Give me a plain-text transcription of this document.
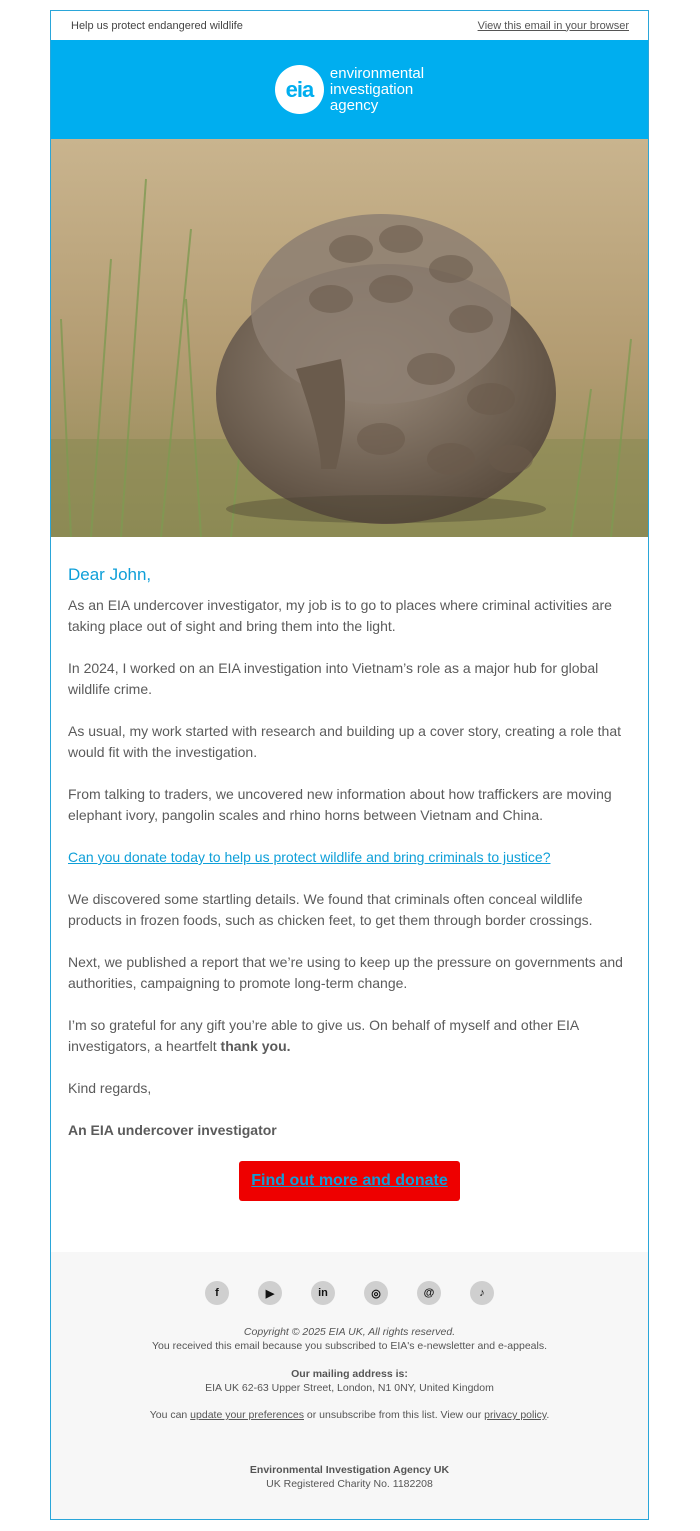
Help us protect endangered wildlife	View this email in your browser
eia
environmental
investigation
agency
Dear John,

As an EIA undercover investigator, my job is to go to places where criminal activities are taking place out of sight and bring them into the light.

In 2024, I worked on an EIA investigation into Vietnam’s role as a major hub for global wildlife crime.

As usual, my work started with research and building up a cover story, creating a role that would fit with the investigation.

From talking to traders, we uncovered new information about how traffickers are moving elephant ivory, pangolin scales and rhino horns between Vietnam and China.

Can you donate today to help us protect wildlife and bring criminals to justice?

We discovered some startling details. We found that criminals often conceal wildlife products in frozen foods, such as chicken feet, to get them through border crossings.

Next, we published a report that we’re using to keep up the pressure on governments and authorities, campaigning to promote long-term change.

I’m so grateful for any gift you’re able to give us. On behalf of myself and other EIA investigators, a heartfelt thank you.

Kind regards,

An EIA undercover investigator

Find out more and donate
f	▶	in	◎	@	♪

Copyright © 2025 EIA UK, All rights reserved.

You received this email because you subscribed to EIA's e-newsletter and e-appeals.

Our mailing address is:

EIA UK 62-63 Upper Street, London, N1 0NY, United Kingdom

You can update your preferences or unsubscribe from this list. View our privacy policy.

Environmental Investigation Agency UK

UK Registered Charity No. 1182208
